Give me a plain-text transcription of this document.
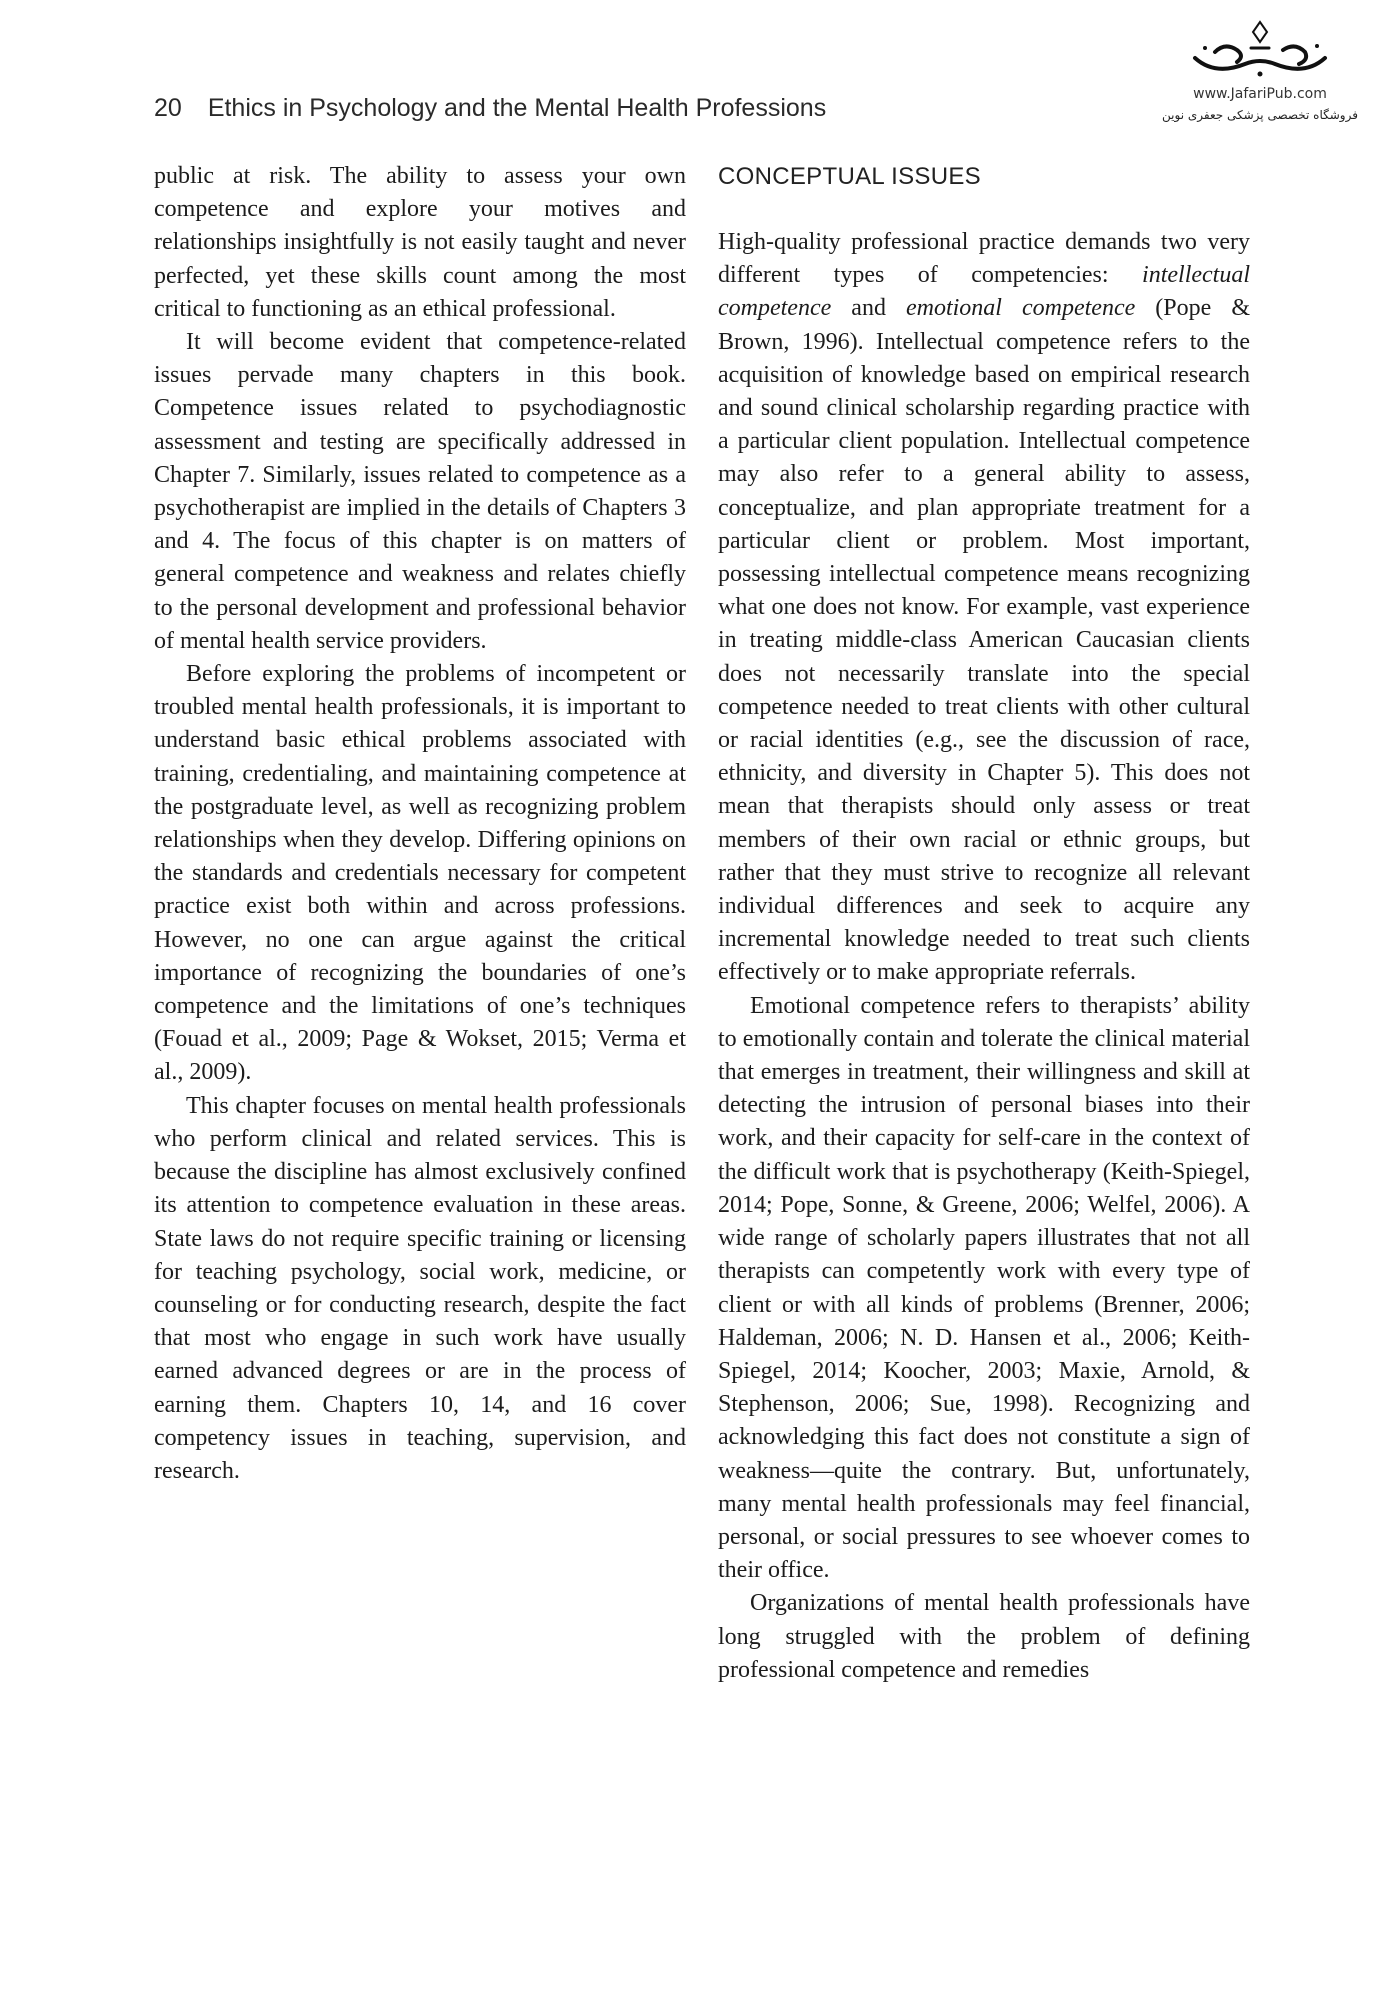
20 Ethics in Psychology and the Mental Health Professions	www.JafariPub.com
فروشگاه تخصصی پزشکی جعفری نوین

public at risk. The ability to assess your own competence and explore your motives and relationships insightfully is not easily taught and never perfected, yet these skills count among the most critical to functioning as an ethical professional.

It will become evident that competence-related issues pervade many chapters in this book. Competence issues related to psychodiagnostic assessment and testing are specifically addressed in Chapter 7. Similarly, issues related to competence as a psychotherapist are implied in the details of Chapters 3 and 4. The focus of this chapter is on matters of general competence and weakness and relates chiefly to the personal development and professional behavior of mental health service providers.

Before exploring the problems of incompetent or troubled mental health professionals, it is important to understand basic ethical problems associated with training, credentialing, and maintaining competence at the postgraduate level, as well as recognizing problem relationships when they develop. Differing opinions on the standards and credentials necessary for competent practice exist both within and across professions. However, no one can argue against the critical importance of recognizing the boundaries of one’s competence and the limitations of one’s techniques (Fouad et al., 2009; Page & Wokset, 2015; Verma et al., 2009).

This chapter focuses on mental health professionals who perform clinical and related services. This is because the discipline has almost exclusively confined its attention to competence evaluation in these areas. State laws do not require specific training or licensing for teaching psychology, social work, medicine, or counseling or for conducting research, despite the fact that most who engage in such work have usually earned advanced degrees or are in the process of earning them. Chapters 10, 14, and 16 cover competency issues in teaching, supervision, and research.

CONCEPTUAL ISSUES

High-quality professional practice demands two very different types of competencies: intellectual competence and emotional competence (Pope & Brown, 1996). Intellectual competence refers to the acquisition of knowledge based on empirical research and sound clinical scholarship regarding practice with a particular client population. Intellectual competence may also refer to a general ability to assess, conceptualize, and plan appropriate treatment for a particular client or problem. Most important, possessing intellectual competence means recognizing what one does not know. For example, vast experience in treating middle-class American Caucasian clients does not necessarily translate into the special competence needed to treat clients with other cultural or racial identities (e.g., see the discussion of race, ethnicity, and diversity in Chapter 5). This does not mean that therapists should only assess or treat members of their own racial or ethnic groups, but rather that they must strive to recognize all relevant individual differences and seek to acquire any incremental knowledge needed to treat such clients effectively or to make appropriate referrals.

Emotional competence refers to therapists’ ability to emotionally contain and tolerate the clinical material that emerges in treatment, their willingness and skill at detecting the intrusion of personal biases into their work, and their capacity for self-care in the context of the difficult work that is psychotherapy (Keith-Spiegel, 2014; Pope, Sonne, & Greene, 2006; Welfel, 2006). A wide range of scholarly papers illustrates that not all therapists can competently work with every type of client or with all kinds of problems (Brenner, 2006; Haldeman, 2006; N. D. Hansen et al., 2006; Keith-Spiegel, 2014; Koocher, 2003; Maxie, Arnold, & Stephenson, 2006; Sue, 1998). Recognizing and acknowledging this fact does not constitute a sign of weakness—quite the contrary. But, unfortunately, many mental health professionals may feel financial, personal, or social pressures to see whoever comes to their office.

Organizations of mental health professionals have long struggled with the problem of defining professional competence and remedies
